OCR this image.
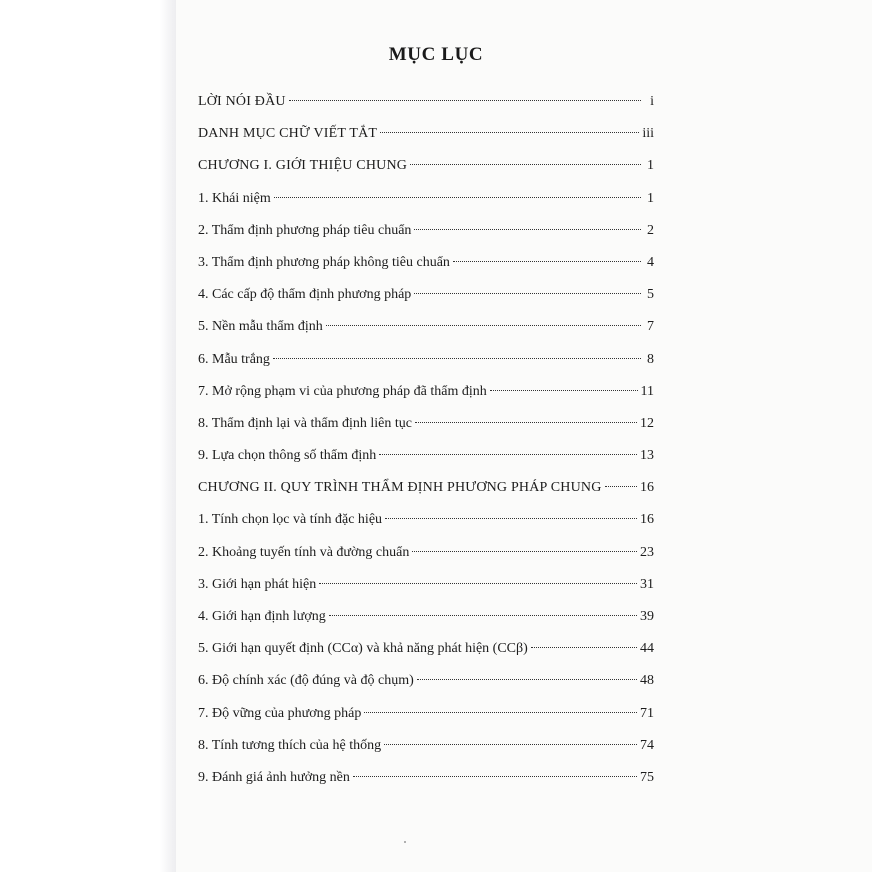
MỤC LỤC
LỜI NÓI ĐẦU	i
DANH MỤC CHỮ VIẾT TẮT	iii
CHƯƠNG I. GIỚI THIỆU CHUNG	1
1. Khái niệm	1
2. Thẩm định phương pháp tiêu chuẩn	2
3. Thẩm định phương pháp không tiêu chuẩn	4
4. Các cấp độ thẩm định phương pháp	5
5. Nền mẫu thẩm định	7
6. Mẫu trắng	8
7. Mở rộng phạm vi của phương pháp đã thẩm định	11
8. Thẩm định lại và thẩm định liên tục	12
9. Lựa chọn thông số thẩm định	13
CHƯƠNG II. QUY TRÌNH THẨM ĐỊNH PHƯƠNG PHÁP CHUNG	16
1. Tính chọn lọc và tính đặc hiệu	16
2. Khoảng tuyến tính và đường chuẩn	23
3. Giới hạn phát hiện	31
4. Giới hạn định lượng	39
5. Giới hạn quyết định (CCα) và khả năng phát hiện (CCβ)	44
6. Độ chính xác (độ đúng và độ chụm)	48
7. Độ vững của phương pháp	71
8. Tính tương thích của hệ thống	74
9. Đánh giá ảnh hưởng nền	75
